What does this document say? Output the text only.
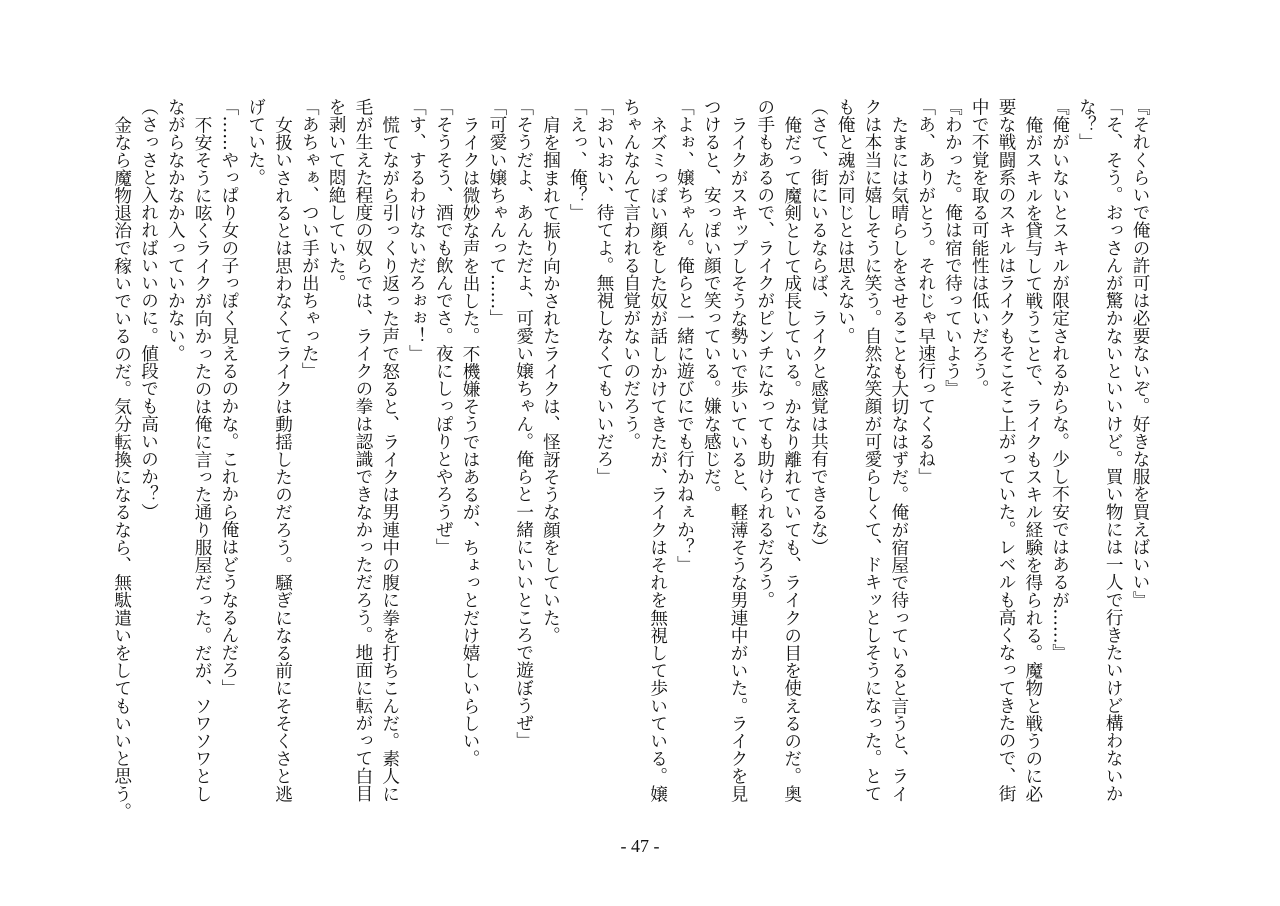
『それくらいで俺の許可は必要ないぞ。好きな服を買えばいい』
「そ、そう。おっさんが驚かないといいけど。買い物には一人で行きたいけど構わないか
な？」
『俺がいないとスキルが限定されるからな。少し不安ではあるが……』
俺がスキルを貸与して戦うことで、ライクもスキル経験を得られる。魔物と戦うのに必
要な戦闘系のスキルはライクもそこそこ上がっていた。レベルも高くなってきたので、街
中で不覚を取る可能性は低いだろう。
『わかった。俺は宿で待っていよう』
「あ、ありがとう。それじゃ早速行ってくるね」
たまには気晴らしをさせることも大切なはずだ。俺が宿屋で待っていると言うと、ライ
クは本当に嬉しそうに笑う。自然な笑顔が可愛らしくて、ドキッとしそうになった。とて
も俺と魂が同じとは思えない。
（さて、街にいるならば、ライクと感覚は共有できるな）
俺だって魔剣として成長している。かなり離れていても、ライクの目を使えるのだ。奥
の手もあるので、ライクがピンチになっても助けられるだろう。
ライクがスキップしそうな勢いで歩いていると、軽薄そうな男連中がいた。ライクを見
つけると、安っぽい顔で笑っている。嫌な感じだ。
「よぉ、嬢ちゃん。俺らと一緒に遊びにでも行かねぇか？」
ネズミっぽい顔をした奴が話しかけてきたが、ライクはそれを無視して歩いている。嬢
ちゃんなんて言われる自覚がないのだろう。
「おいおい、待てよ。無視しなくてもいいだろ」
「えっ、俺？」
肩を掴まれて振り向かされたライクは、怪訝そうな顔をしていた。
「そうだよ、あんただよ、可愛い嬢ちゃん。俺らと一緒にいいところで遊ぼうぜ」
「可愛い嬢ちゃんって……」
ライクは微妙な声を出した。不機嫌そうではあるが、ちょっとだけ嬉しいらしい。
「そうそう、酒でも飲んでさ。夜にしっぽりとやろうぜ」
「す、するわけないだろぉぉ！」
慌てながら引っくり返った声で怒ると、ライクは男連中の腹に拳を打ちこんだ。素人に
毛が生えた程度の奴らでは、ライクの拳は認識できなかっただろう。地面に転がって白目
を剥いて悶絶していた。
「あちゃぁ、つい手が出ちゃった」
女扱いされるとは思わなくてライクは動揺したのだろう。騒ぎになる前にそそくさと逃
げていた。
「……やっぱり女の子っぽく見えるのかな。これから俺はどうなるんだろ」
不安そうに呟くライクが向かったのは俺に言った通り服屋だった。だが、ソワソワとし
ながらなかなか入っていかない。
（さっさと入れればいいのに。値段でも高いのか？）
金なら魔物退治で稼いでいるのだ。気分転換になるなら、無駄遣いをしてもいいと思う。
- 47 -
